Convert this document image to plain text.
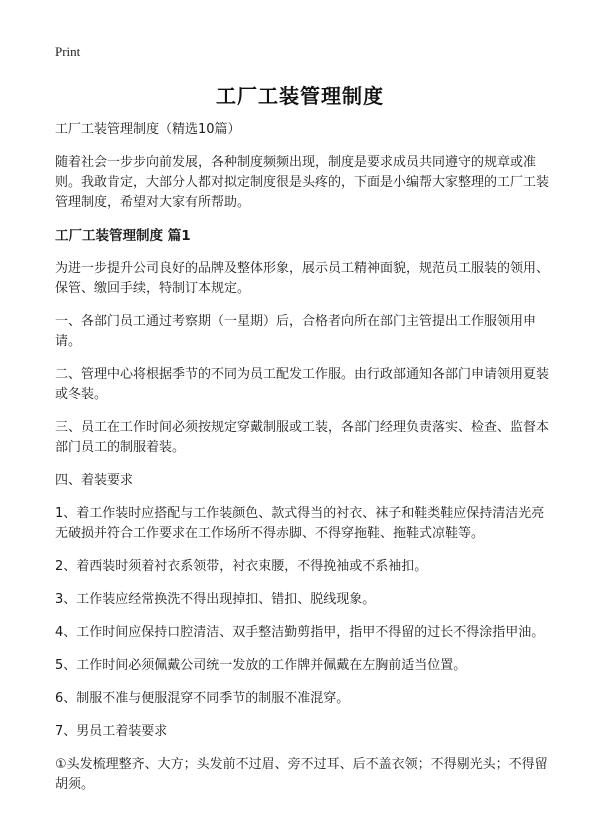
Print
工厂工装管理制度

工厂工装管理制度（精选10篇）

随着社会一步步向前发展，各种制度频频出现，制度是要求成员共同遵守的规章或准则。我敢肯定，大部分人都对拟定制度很是头疼的，下面是小编帮大家整理的工厂工装管理制度，希望对大家有所帮助。

工厂工装管理制度 篇1

为进一步提升公司良好的品牌及整体形象，展示员工精神面貌，规范员工服装的领用、保管、缴回手续，特制订本规定。

一、各部门员工通过考察期（一星期）后，合格者向所在部门主管提出工作服领用申请。

二、管理中心将根据季节的不同为员工配发工作服。由行政部通知各部门申请领用夏装或冬装。

三、员工在工作时间必须按规定穿戴制服或工装，各部门经理负责落实、检查、监督本部门员工的制服着装。

四、着装要求

1、着工作装时应搭配与工作装颜色、款式得当的衬衣、袜子和鞋类鞋应保持清洁光亮无破损并符合工作要求在工作场所不得赤脚、不得穿拖鞋、拖鞋式凉鞋等。

2、着西装时须着衬衣系领带，衬衣束腰，不得挽袖或不系袖扣。

3、工作装应经常换洗不得出现掉扣、错扣、脱线现象。

4、工作时间应保持口腔清洁、双手整洁勤剪指甲，指甲不得留的过长不得涂指甲油。

5、工作时间必须佩戴公司统一发放的工作牌并佩戴在左胸前适当位置。

6、制服不准与便服混穿不同季节的制服不准混穿。

7、男员工着装要求

①头发梳理整齐、大方；头发前不过眉、旁不过耳、后不盖衣领；不得剔光头；不得留胡须。
